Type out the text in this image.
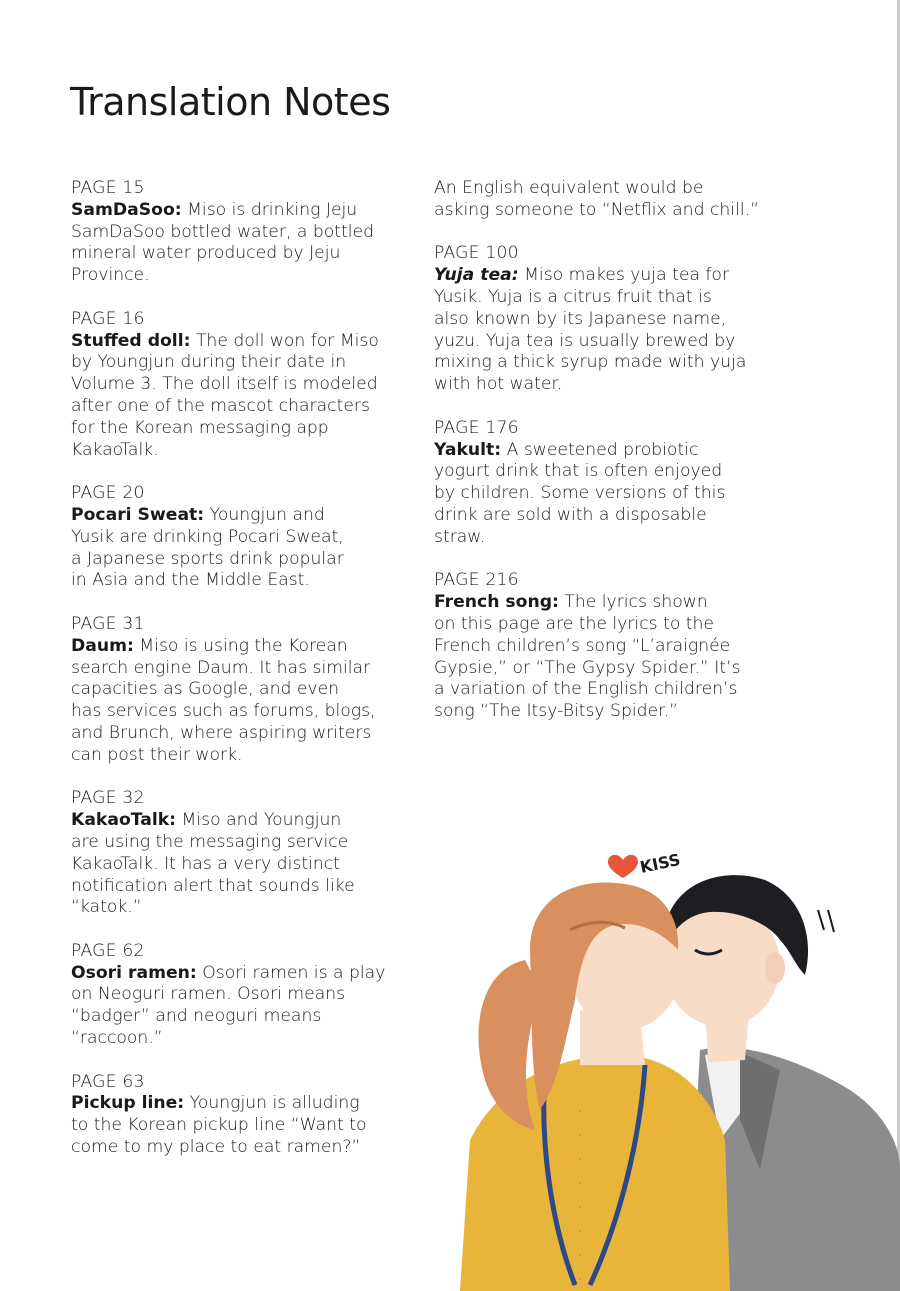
Translation Notes
PAGE 15
SamDaSoo: Miso is drinking Jeju
SamDaSoo bottled water, a bottled
mineral water produced by Jeju
Province.
PAGE 16
Stuffed doll: The doll won for Miso
by Youngjun during their date in
Volume 3. The doll itself is modeled
after one of the mascot characters
for the Korean messaging app
KakaoTalk.
PAGE 20
Pocari Sweat: Youngjun and
Yusik are drinking Pocari Sweat,
a Japanese sports drink popular
in Asia and the Middle East.
PAGE 31
Daum: Miso is using the Korean
search engine Daum. It has similar
capacities as Google, and even
has services such as forums, blogs,
and Brunch, where aspiring writers
can post their work.
PAGE 32
KakaoTalk: Miso and Youngjun
are using the messaging service
KakaoTalk. It has a very distinct
notification alert that sounds like
“katok.”
PAGE 62
Osori ramen: Osori ramen is a play
on Neoguri ramen. Osori means
“badger” and neoguri means
“raccoon.”
PAGE 63
Pickup line: Youngjun is alluding
to the Korean pickup line “Want to
come to my place to eat ramen?”
An English equivalent would be
asking someone to “Netflix and chill.”
PAGE 100
Yuja tea: Miso makes yuja tea for
Yusik. Yuja is a citrus fruit that is
also known by its Japanese name,
yuzu. Yuja tea is usually brewed by
mixing a thick syrup made with yuja
with hot water.
PAGE 176
Yakult: A sweetened probiotic
yogurt drink that is often enjoyed
by children. Some versions of this
drink are sold with a disposable
straw.
PAGE 216
French song: The lyrics shown
on this page are the lyrics to the
French children’s song “L’araignée
Gypsie,” or “The Gypsy Spider.” It’s
a variation of the English children’s
song “The Itsy-Bitsy Spider.”
KISS
